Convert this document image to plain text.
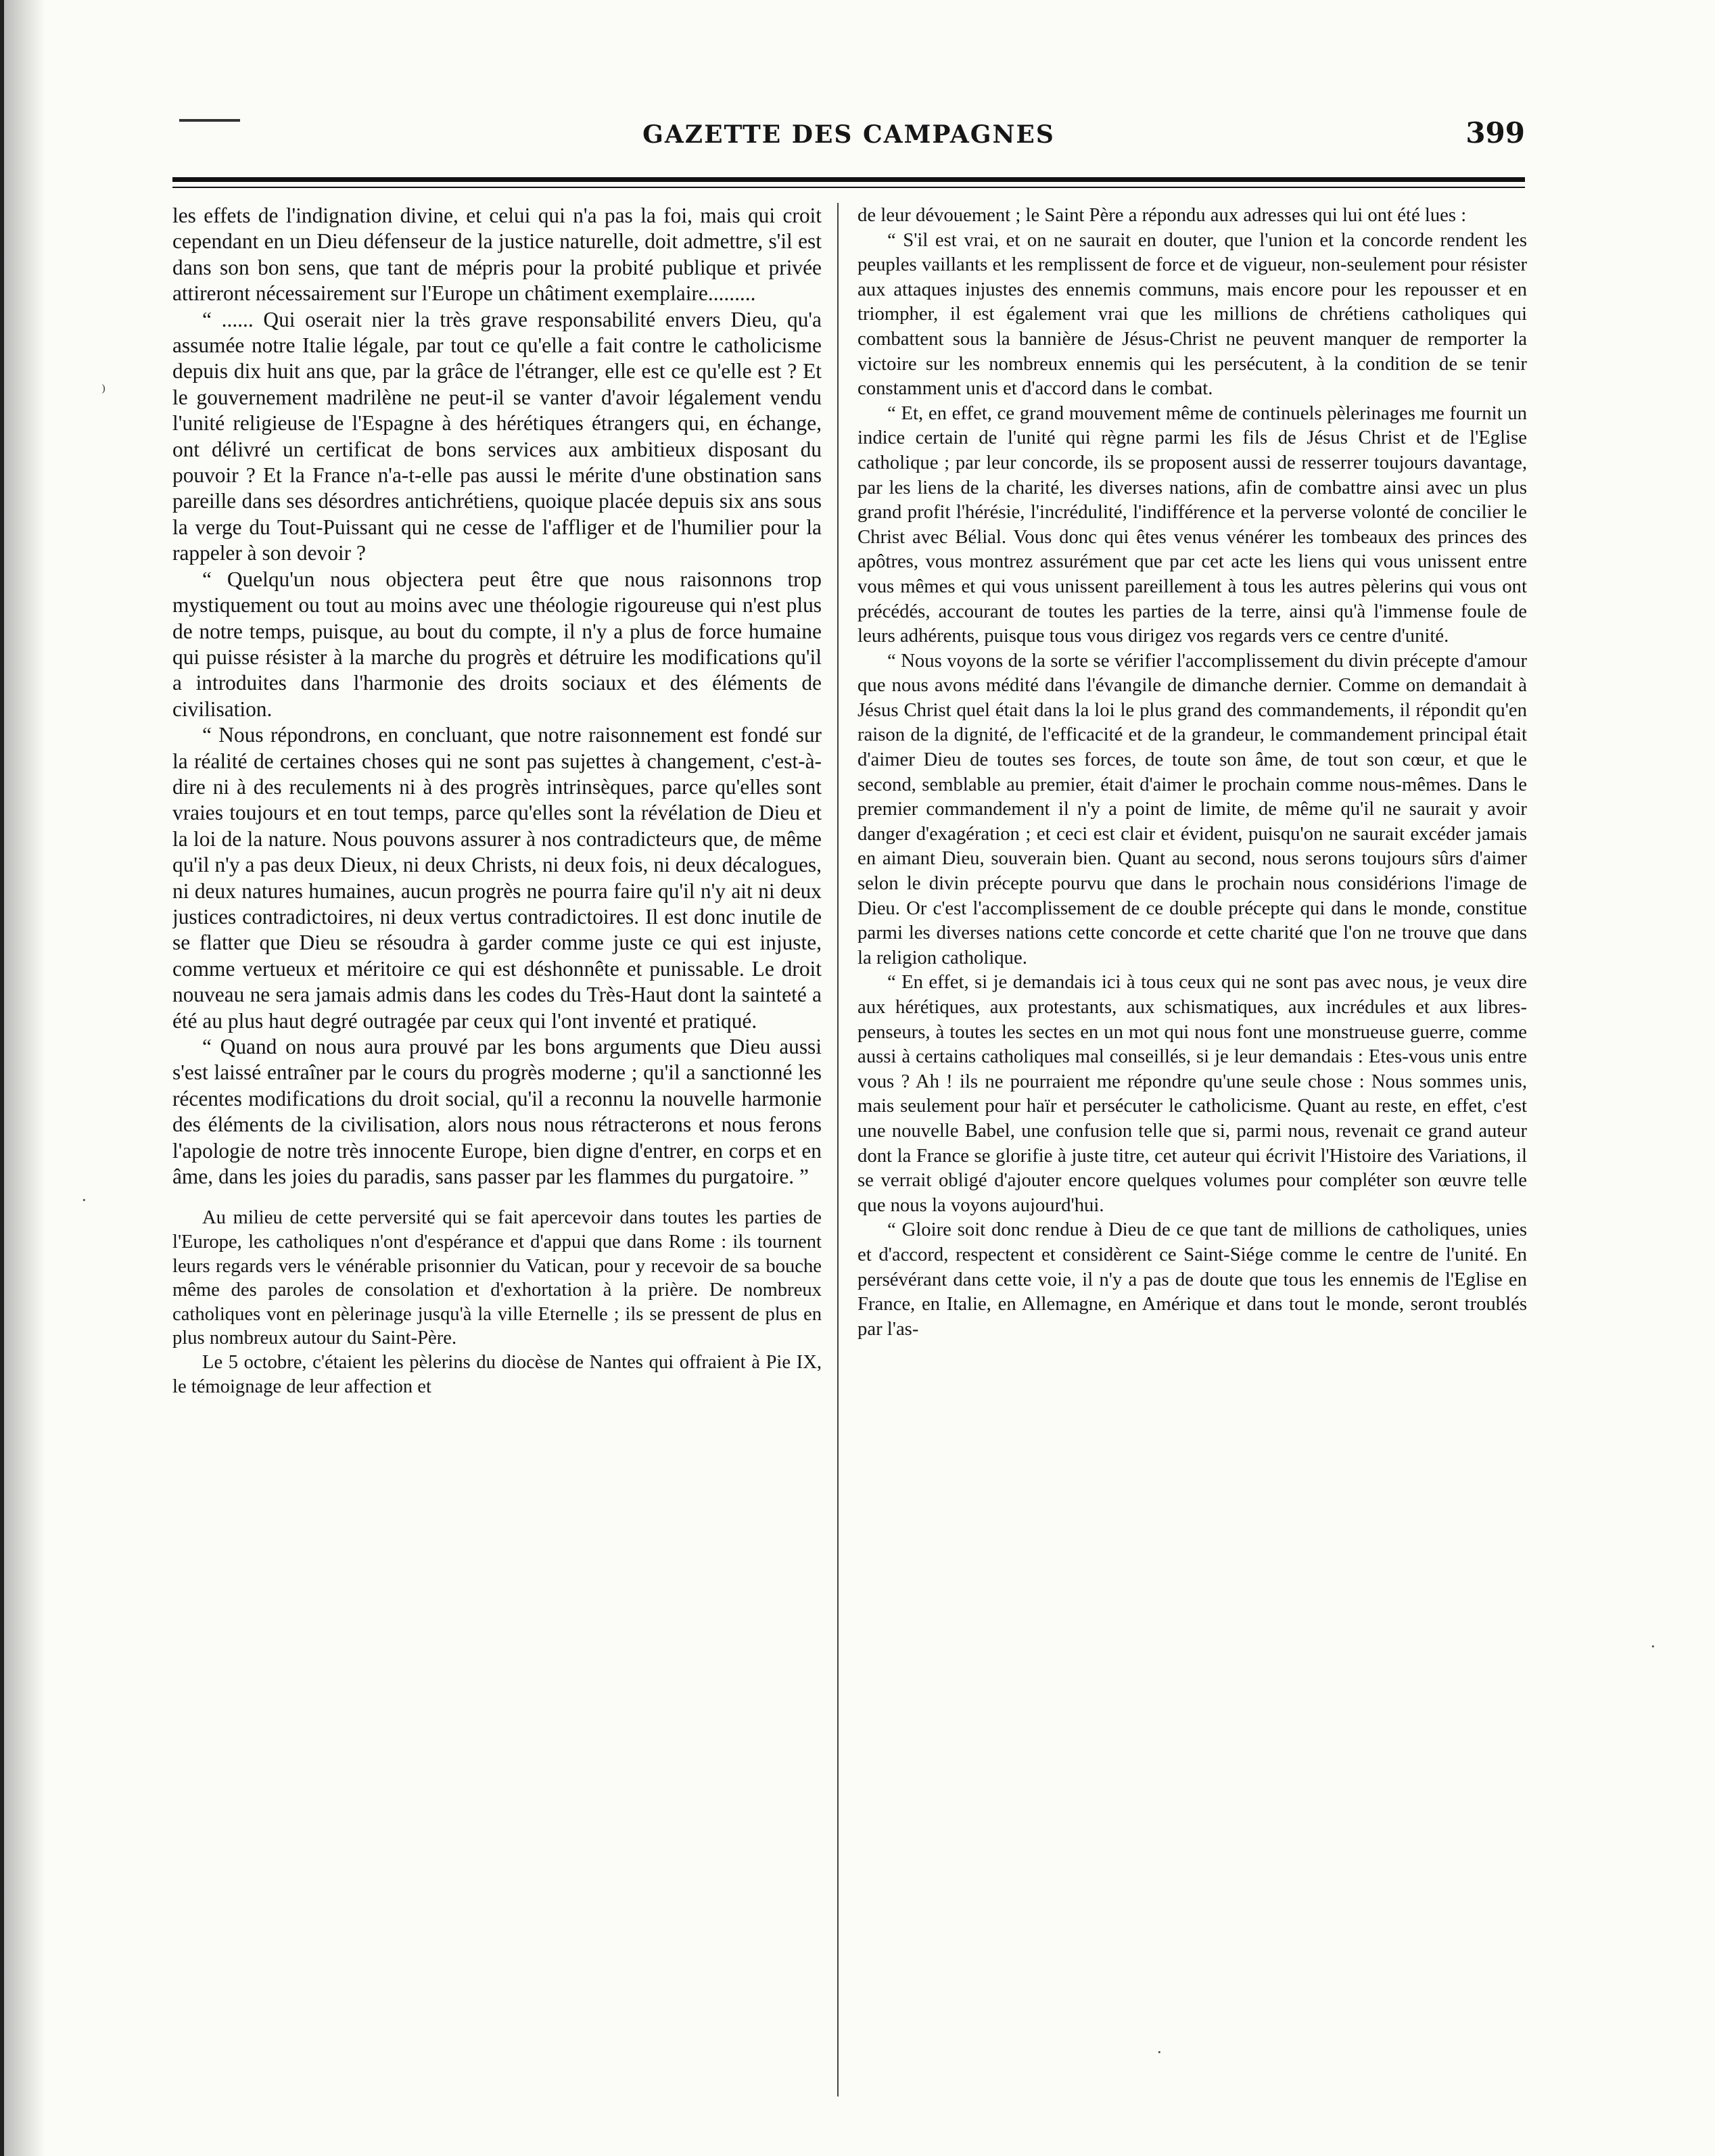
GAZETTE DES CAMPAGNES	399

les effets de l'indignation divine, et celui qui n'a pas la foi, mais qui croit cependant en un Dieu défenseur de la justice naturelle, doit admettre, s'il est dans son bon sens, que tant de mépris pour la probité publique et privée attireront nécessairement sur l'Europe un châtiment exemplaire.........

“ ...... Qui oserait nier la très grave responsabilité envers Dieu, qu'a assumée notre Italie légale, par tout ce qu'elle a fait contre le catholicisme depuis dix huit ans que, par la grâce de l'étranger, elle est ce qu'elle est ? Et le gouvernement madrilène ne peut-il se vanter d'avoir légalement vendu l'unité religieuse de l'Espagne à des hérétiques étrangers qui, en échange, ont délivré un certificat de bons services aux ambitieux disposant du pouvoir ? Et la France n'a-t-elle pas aussi le mérite d'une obstination sans pareille dans ses désordres antichrétiens, quoique placée depuis six ans sous la verge du Tout-Puissant qui ne cesse de l'affliger et de l'humilier pour la rappeler à son devoir ?

“ Quelqu'un nous objectera peut être que nous raisonnons trop mystiquement ou tout au moins avec une théologie rigoureuse qui n'est plus de notre temps, puisque, au bout du compte, il n'y a plus de force humaine qui puisse résister à la marche du progrès et détruire les modifications qu'il a introduites dans l'harmonie des droits sociaux et des éléments de civilisation.

“ Nous répondrons, en concluant, que notre raisonnement est fondé sur la réalité de certaines choses qui ne sont pas sujettes à changement, c'est-à-dire ni à des reculements ni à des progrès intrinsèques, parce qu'elles sont vraies toujours et en tout temps, parce qu'elles sont la révélation de Dieu et la loi de la nature. Nous pouvons assurer à nos contradicteurs que, de même qu'il n'y a pas deux Dieux, ni deux Christs, ni deux fois, ni deux décalogues, ni deux natures humaines, aucun progrès ne pourra faire qu'il n'y ait ni deux justices contradictoires, ni deux vertus contradictoires. Il est donc inutile de se flatter que Dieu se résoudra à garder comme juste ce qui est injuste, comme vertueux et méritoire ce qui est déshonnête et punissable. Le droit nouveau ne sera jamais admis dans les codes du Très-Haut dont la sainteté a été au plus haut degré outragée par ceux qui l'ont inventé et pratiqué.

“ Quand on nous aura prouvé par les bons arguments que Dieu aussi s'est laissé entraîner par le cours du progrès moderne ; qu'il a sanctionné les récentes modifications du droit social, qu'il a reconnu la nouvelle harmonie des éléments de la civilisation, alors nous nous rétracterons et nous ferons l'apologie de notre très innocente Europe, bien digne d'entrer, en corps et en âme, dans les joies du paradis, sans passer par les flammes du purgatoire. ”

Au milieu de cette perversité qui se fait apercevoir dans toutes les parties de l'Europe, les catholiques n'ont d'espérance et d'appui que dans Rome : ils tournent leurs regards vers le vénérable prisonnier du Vatican, pour y recevoir de sa bouche même des paroles de consolation et d'exhortation à la prière. De nombreux catholiques vont en pèlerinage jusqu'à la ville Eternelle ; ils se pressent de plus en plus nombreux autour du Saint-Père.

Le 5 octobre, c'étaient les pèlerins du diocèse de Nantes qui offraient à Pie IX, le témoignage de leur affection et

de leur dévouement ; le Saint Père a répondu aux adresses qui lui ont été lues :

“ S'il est vrai, et on ne saurait en douter, que l'union et la concorde rendent les peuples vaillants et les remplissent de force et de vigueur, non-seulement pour résister aux attaques injustes des ennemis communs, mais encore pour les repousser et en triompher, il est également vrai que les millions de chrétiens catholiques qui combattent sous la bannière de Jésus-Christ ne peuvent manquer de remporter la victoire sur les nombreux ennemis qui les persécutent, à la condition de se tenir constamment unis et d'accord dans le combat.

“ Et, en effet, ce grand mouvement même de continuels pèlerinages me fournit un indice certain de l'unité qui règne parmi les fils de Jésus Christ et de l'Eglise catholique ; par leur concorde, ils se proposent aussi de resserrer toujours davantage, par les liens de la charité, les diverses nations, afin de combattre ainsi avec un plus grand profit l'hérésie, l'incrédulité, l'indifférence et la perverse volonté de concilier le Christ avec Bélial. Vous donc qui êtes venus vénérer les tombeaux des princes des apôtres, vous montrez assurément que par cet acte les liens qui vous unissent entre vous mêmes et qui vous unissent pareillement à tous les autres pèlerins qui vous ont précédés, accourant de toutes les parties de la terre, ainsi qu'à l'immense foule de leurs adhérents, puisque tous vous dirigez vos regards vers ce centre d'unité.

“ Nous voyons de la sorte se vérifier l'accomplissement du divin précepte d'amour que nous avons médité dans l'évangile de dimanche dernier. Comme on demandait à Jésus Christ quel était dans la loi le plus grand des commandements, il répondit qu'en raison de la dignité, de l'efficacité et de la grandeur, le commandement principal était d'aimer Dieu de toutes ses forces, de toute son âme, de tout son cœur, et que le second, semblable au premier, était d'aimer le prochain comme nous-mêmes. Dans le premier commandement il n'y a point de limite, de même qu'il ne saurait y avoir danger d'exagération ; et ceci est clair et évident, puisqu'on ne saurait excéder jamais en aimant Dieu, souverain bien. Quant au second, nous serons toujours sûrs d'aimer selon le divin précepte pourvu que dans le prochain nous considérions l'image de Dieu. Or c'est l'accomplissement de ce double précepte qui dans le monde, constitue parmi les diverses nations cette concorde et cette charité que l'on ne trouve que dans la religion catholique.

“ En effet, si je demandais ici à tous ceux qui ne sont pas avec nous, je veux dire aux hérétiques, aux protestants, aux schismatiques, aux incrédules et aux libres-penseurs, à toutes les sectes en un mot qui nous font une monstrueuse guerre, comme aussi à certains catholiques mal conseillés, si je leur demandais : Etes-vous unis entre vous ? Ah ! ils ne pourraient me répondre qu'une seule chose : Nous sommes unis, mais seulement pour haïr et persécuter le catholicisme. Quant au reste, en effet, c'est une nouvelle Babel, une confusion telle que si, parmi nous, revenait ce grand auteur dont la France se glorifie à juste titre, cet auteur qui écrivit l'Histoire des Variations, il se verrait obligé d'ajouter encore quelques volumes pour compléter son œuvre telle que nous la voyons aujourd'hui.

“ Gloire soit donc rendue à Dieu de ce que tant de millions de catholiques, unies et d'accord, respectent et considèrent ce Saint-Siége comme le centre de l'unité. En persévérant dans cette voie, il n'y a pas de doute que tous les ennemis de l'Eglise en France, en Italie, en Allemagne, en Amérique et dans tout le monde, seront troublés par l'as-

⁾
·
·
·
